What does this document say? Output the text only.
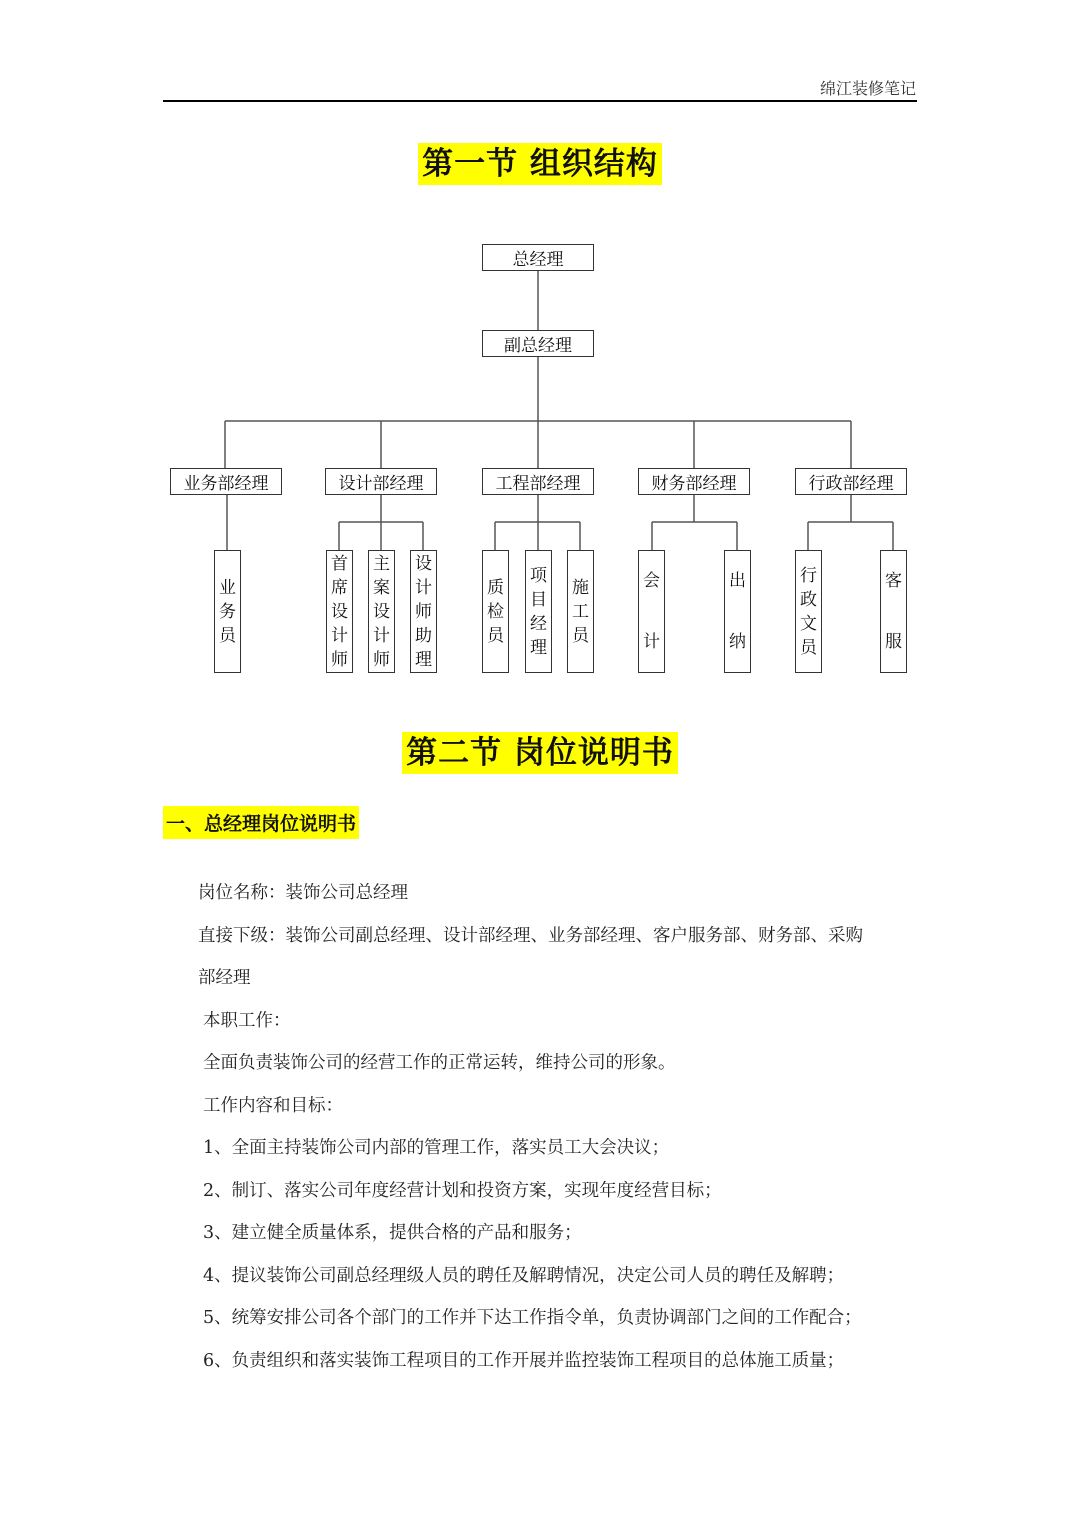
绵江装修笔记
第一节 组织结构
总经理
副总经理
业务部经理	设计部经理	工程部经理	财务部经理	行政部经理
业
务
员
首
席
设
计
师
主
案
设
计
师
设
计
师
助
理
质
检
员
项
目
经
理
施
工
员
会
计
出
纳
行
政
文
员
客
服
第二节 岗位说明书
一、总经理岗位说明书
岗位名称：装饰公司总经理
直接下级：装饰公司副总经理、设计部经理、业务部经理、客户服务部、财务部、采购
部经理
本职工作：
全面负责装饰公司的经营工作的正常运转，维持公司的形象。
工作内容和目标：
1、全面主持装饰公司内部的管理工作，落实员工大会决议；
2、制订、落实公司年度经营计划和投资方案，实现年度经营目标；
3、建立健全质量体系，提供合格的产品和服务；
4、提议装饰公司副总经理级人员的聘任及解聘情况，决定公司人员的聘任及解聘；
5、统筹安排公司各个部门的工作并下达工作指令单，负责协调部门之间的工作配合；
6、负责组织和落实装饰工程项目的工作开展并监控装饰工程项目的总体施工质量；
